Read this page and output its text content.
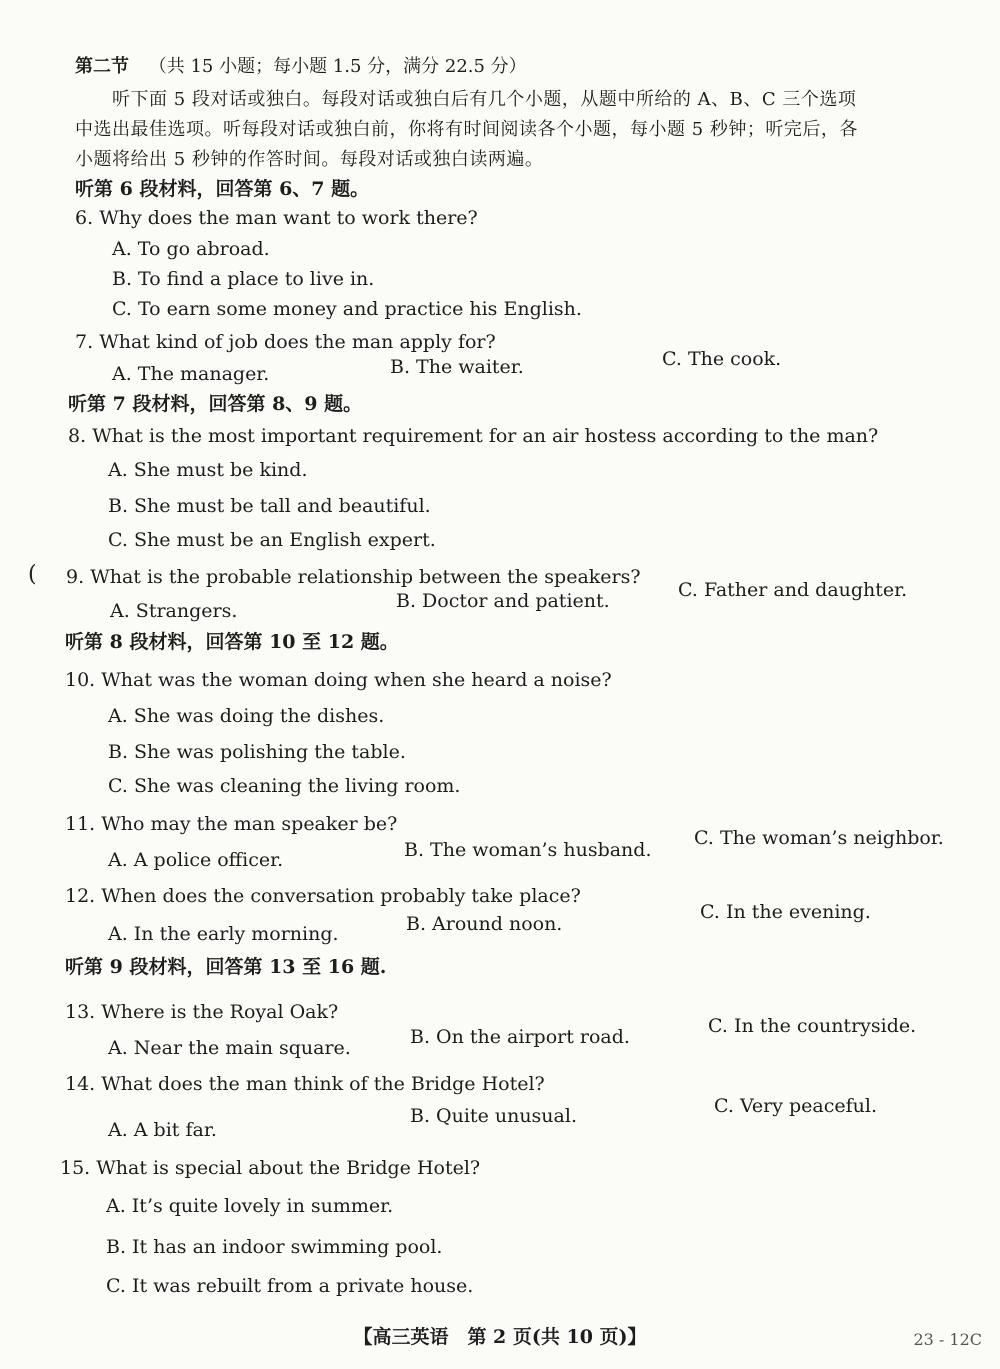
第二节 （共 15 小题；每小题 1.5 分，满分 22.5 分）
听下面 5 段对话或独白。每段对话或独白后有几个小题，从题中所给的 A、B、C 三个选项
中选出最佳选项。听每段对话或独白前，你将有时间阅读各个小题，每小题 5 秒钟；听完后，各
小题将给出 5 秒钟的作答时间。每段对话或独白读两遍。
听第 6 段材料，回答第 6、7 题。
6. Why does the man want to work there?
A. To go abroad.
B. To find a place to live in.
C. To earn some money and practice his English.
7. What kind of job does the man apply for?
A. The manager.	B. The waiter.	C. The cook.
听第 7 段材料，回答第 8、9 题。
8. What is the most important requirement for an air hostess according to the man?
A. She must be kind.
B. She must be tall and beautiful.
C. She must be an English expert.
( 9. What is the probable relationship between the speakers?
A. Strangers.	B. Doctor and patient.	C. Father and daughter.
听第 8 段材料，回答第 10 至 12 题。
10. What was the woman doing when she heard a noise?
A. She was doing the dishes.
B. She was polishing the table.
C. She was cleaning the living room.
11. Who may the man speaker be?
A. A police officer.	B. The woman’s husband.
C. The woman’s neighbor.
12. When does the conversation probably take place?
A. In the early morning.	B. Around noon.
C. In the evening.
听第 9 段材料，回答第 13 至 16 题.
13. Where is the Royal Oak?
A. Near the main square.	B. On the airport road.	C. In the countryside.
14. What does the man think of the Bridge Hotel?
A. A bit far.
B. Quite unusual.	C. Very peaceful.
15. What is special about the Bridge Hotel?
A. It’s quite lovely in summer.
B. It has an indoor swimming pool.
C. It was rebuilt from a private house.
【高三英语　第 2 页(共 10 页)】	23 - 12C
